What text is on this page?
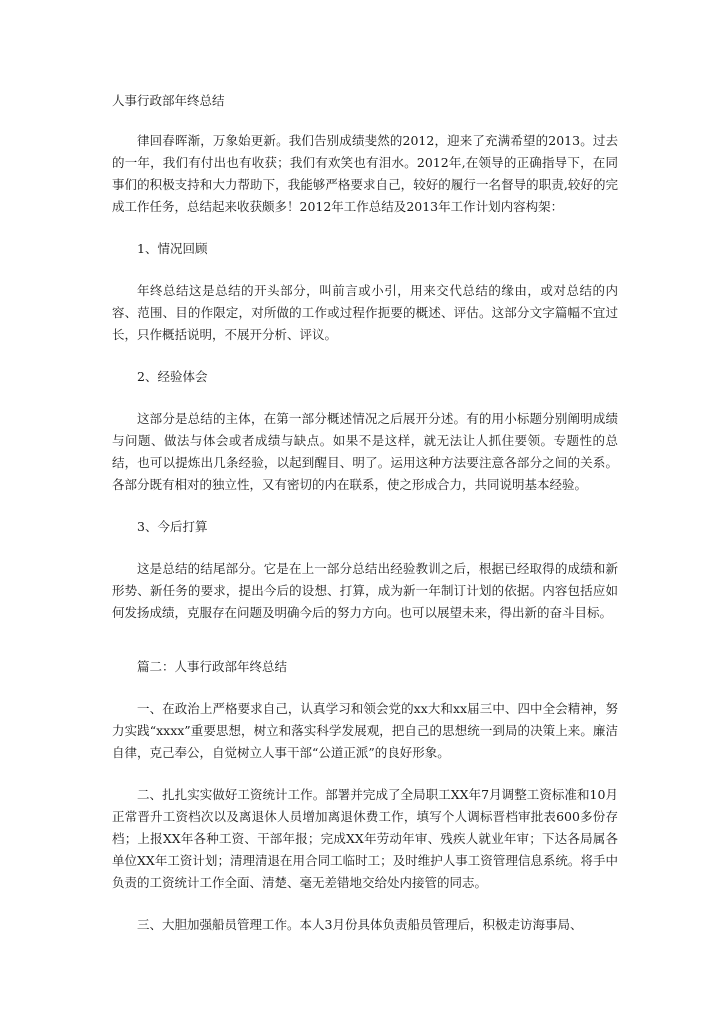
人事行政部年终总结

律回春晖渐，万象始更新。我们告别成绩斐然的2012，迎来了充满希望的2013。过去的一年，我们有付出也有收获；我们有欢笑也有泪水。2012年,在领导的正确指导下，在同事们的积极支持和大力帮助下，我能够严格要求自己，较好的履行一名督导的职责,较好的完成工作任务，总结起来收获颇多！2012年工作总结及2013年工作计划内容构架：

1、情况回顾

年终总结这是总结的开头部分，叫前言或小引，用来交代总结的缘由，或对总结的内容、范围、目的作限定，对所做的工作或过程作扼要的概述、评估。这部分文字篇幅不宜过长，只作概括说明，不展开分析、评议。

2、经验体会

这部分是总结的主体，在第一部分概述情况之后展开分述。有的用小标题分别阐明成绩与问题、做法与体会或者成绩与缺点。如果不是这样，就无法让人抓住要领。专题性的总结，也可以提炼出几条经验，以起到醒目、明了。运用这种方法要注意各部分之间的关系。各部分既有相对的独立性，又有密切的内在联系，使之形成合力，共同说明基本经验。

3、今后打算

这是总结的结尾部分。它是在上一部分总结出经验教训之后，根据已经取得的成绩和新形势、新任务的要求，提出今后的设想、打算，成为新一年制订计划的依据。内容包括应如何发扬成绩，克服存在问题及明确今后的努力方向。也可以展望未来，得出新的奋斗目标。

篇二：人事行政部年终总结

一、在政治上严格要求自己，认真学习和领会党的xx大和xx届三中、四中全会精神，努力实践“xxxx”重要思想，树立和落实科学发展观，把自己的思想统一到局的决策上来。廉洁自律，克己奉公，自觉树立人事干部“公道正派”的良好形象。

二、扎扎实实做好工资统计工作。部署并完成了全局职工XX年7月调整工资标准和10月正常晋升工资档次以及离退休人员增加离退休费工作，填写个人调标晋档审批表600多份存档；上报XX年各种工资、干部年报；完成XX年劳动年审、残疾人就业年审；下达各局属各单位XX年工资计划；清理清退在用合同工临时工；及时维护人事工资管理信息系统。将手中负责的工资统计工作全面、清楚、毫无差错地交给处内接管的同志。

三、大胆加强船员管理工作。本人3月份具体负责船员管理后，积极走访海事局、
